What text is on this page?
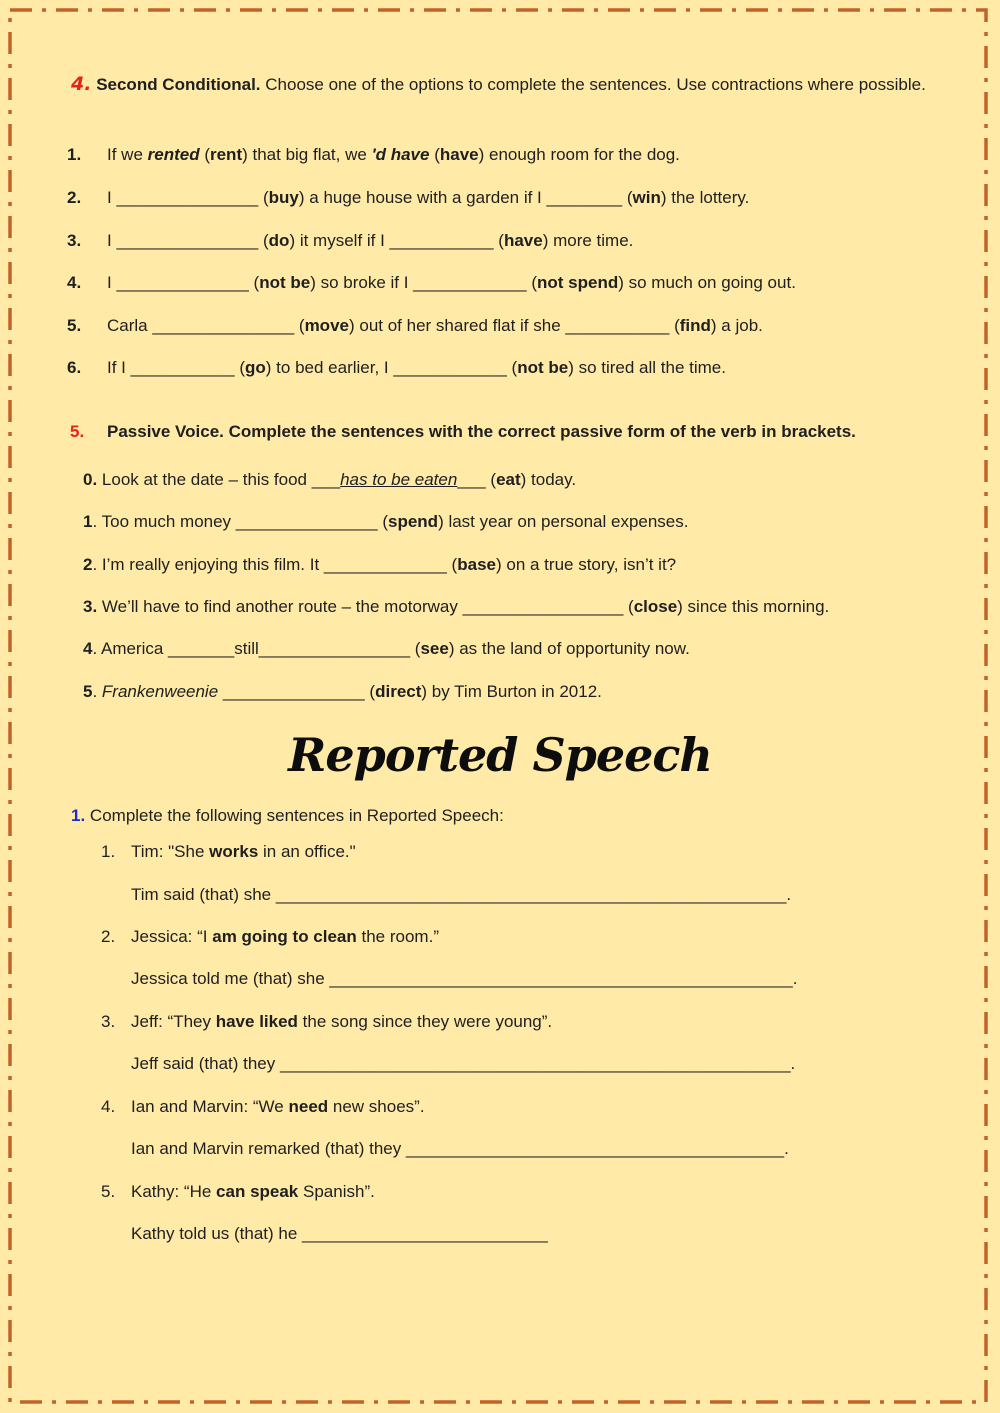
4. Second Conditional. Choose one of the options to complete the sentences. Use contractions where possible.
1. If we rented (rent) that big flat, we 'd have (have) enough room for the dog.
2. I _______________ (buy) a huge house with a garden if I ________ (win) the lottery.
3. I _______________ (do) it myself if I ___________ (have) more time.
4. I ______________ (not be) so broke if I ____________ (not spend) so much on going out.
5. Carla _______________ (move) out of her shared flat if she ___________ (find) a job.
6. If I ___________ (go) to bed earlier, I ____________ (not be) so tired all the time.
5. Passive Voice. Complete the sentences with the correct passive form of the verb in brackets.
0. Look at the date – this food ___has to be eaten___ (eat) today.
1. Too much money _______________ (spend) last year on personal expenses.
2. I’m really enjoying this film. It _____________ (base) on a true story, isn’t it?
3. We’ll have to find another route – the motorway _________________ (close) since this morning.
4. America _______still________________ (see) as the land of opportunity now.
5. Frankenweenie _______________ (direct) by Tim Burton in 2012.
Reported Speech
1. Complete the following sentences in Reported Speech:
1. Tim: "She works in an office."
Tim said (that) she ______________________________________________________.
2. Jessica: “I am going to clean the room.”
Jessica told me (that) she _________________________________________________.
3. Jeff: “They have liked the song since they were young”.
Jeff said (that) they ______________________________________________________.
4. Ian and Marvin: “We need new shoes”.
Ian and Marvin remarked (that) they ________________________________________.
5. Kathy: “He can speak Spanish”.
Kathy told us (that) he __________________________
